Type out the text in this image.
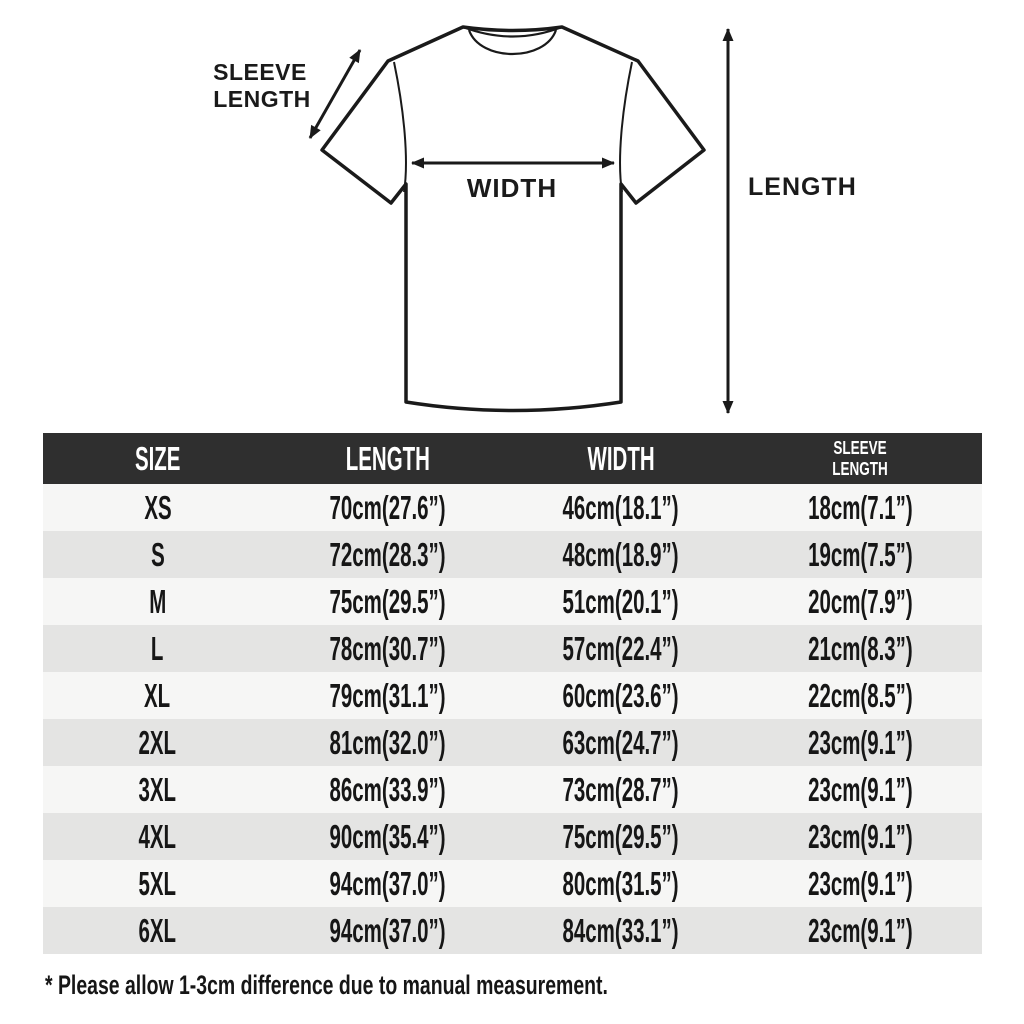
SLEEVE
LENGTH
WIDTH	LENGTH
SIZE	LENGTH	WIDTH	SLEEVE
LENGTH
XS	70cm(27.6”)	46cm(18.1”)	18cm(7.1”)
S	72cm(28.3”)	48cm(18.9”)	19cm(7.5”)
M	75cm(29.5”)	51cm(20.1”)	20cm(7.9”)
L	78cm(30.7”)	57cm(22.4”)	21cm(8.3”)
XL	79cm(31.1”)	60cm(23.6”)	22cm(8.5”)
2XL	81cm(32.0”)	63cm(24.7”)	23cm(9.1”)
3XL	86cm(33.9”)	73cm(28.7”)	23cm(9.1”)
4XL	90cm(35.4”)	75cm(29.5”)	23cm(9.1”)
5XL	94cm(37.0”)	80cm(31.5”)	23cm(9.1”)
6XL	94cm(37.0”)	84cm(33.1”)	23cm(9.1”)
* Please allow 1-3cm difference due to manual measurement.
